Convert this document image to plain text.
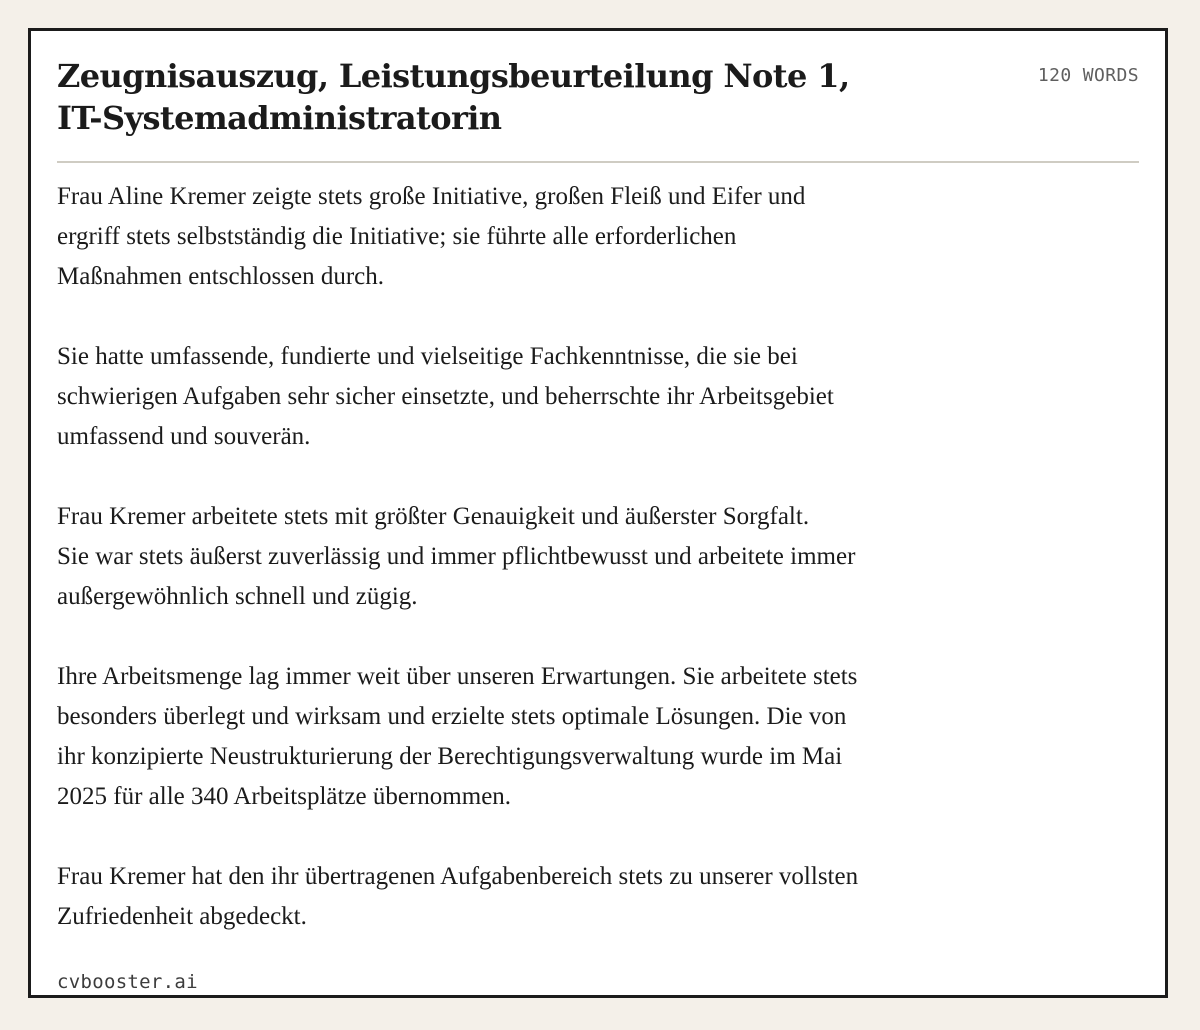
Zeugnisauszug, Leistungsbeurteilung Note 1,
IT-Systemadministratorin
120 WORDS

Frau Aline Kremer zeigte stets große Initiative, großen Fleiß und Eifer und
ergriff stets selbstständig die Initiative; sie führte alle erforderlichen
Maßnahmen entschlossen durch.

Sie hatte umfassende, fundierte und vielseitige Fachkenntnisse, die sie bei
schwierigen Aufgaben sehr sicher einsetzte, und beherrschte ihr Arbeitsgebiet
umfassend und souverän.

Frau Kremer arbeitete stets mit größter Genauigkeit und äußerster Sorgfalt.
Sie war stets äußerst zuverlässig und immer pflichtbewusst und arbeitete immer
außergewöhnlich schnell und zügig.

Ihre Arbeitsmenge lag immer weit über unseren Erwartungen. Sie arbeitete stets
besonders überlegt und wirksam und erzielte stets optimale Lösungen. Die von
ihr konzipierte Neustrukturierung der Berechtigungsverwaltung wurde im Mai
2025 für alle 340 Arbeitsplätze übernommen.

Frau Kremer hat den ihr übertragenen Aufgabenbereich stets zu unserer vollsten
Zufriedenheit abgedeckt.

cvbooster.ai
